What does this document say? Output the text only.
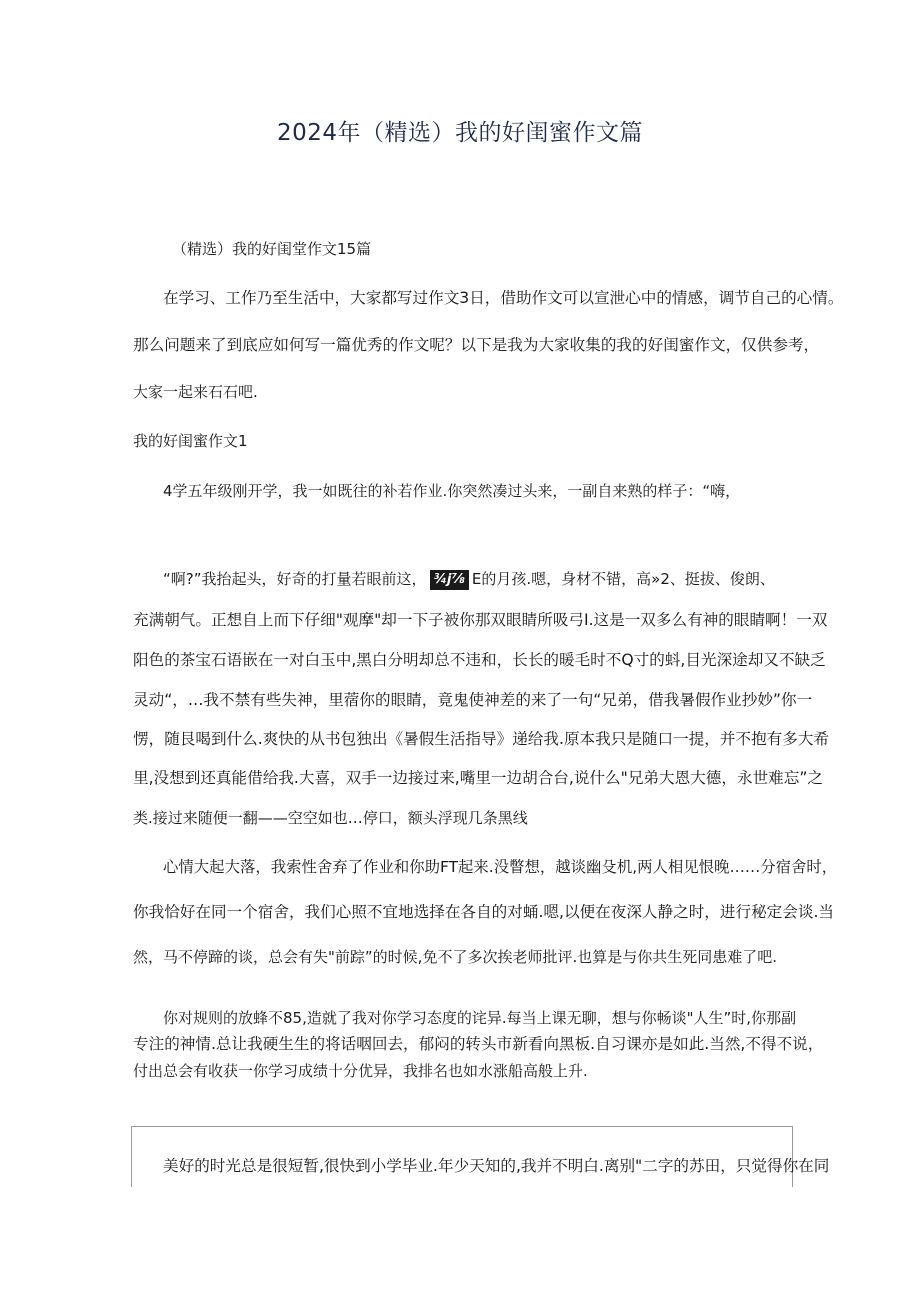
2024年（精选）我的好闺蜜作文篇
（精选）我的好闺堂作文15篇
在学习、工作乃至生活中，大家都写过作文3日，借助作文可以宣泄心中的情感，调节自己的心情。
那么问题来了到底应如何写一篇优秀的作文呢？以下是我为大家收集的我的好闺蜜作文，仅供参考，
大家一起来石石吧.
我的好闺蜜作文1
4学五年级刚开学，我一如既往的补若作业.你突然凑过头来，一副自来熟的样子：“嗨，
“啊?”我抬起头，好奇的打量若眼前这， ¾j⅞ E的月孩.嗯，身材不错，高»2、挺拔、俊朗、
充满朝气。正想自上而下仔细"观摩"却一下子被你那双眼睛所吸弓I.这是一双多么有神的眼睛啊！一双
阳色的茶宝石语嵌在一对白玉中,黑白分明却总不违和，长长的暖毛时不Q寸的蚪,目光深途却又不缺乏
灵动“，…我不禁有些失神，里蓿你的眼睛，竟鬼使神差的来了一句“兄弟，借我暑假作业抄妙”你一
愣，随艮喝到什么.爽快的从书包独出《暑假生活指导》递给我.原本我只是随口一提，并不抱有多大希
里,没想到还真能借给我.大喜，双手一边接过来,嘴里一边胡合台,说什么"兄弟大恩大德，永世难忘”之
类.接过来随便一翻——空空如也…停口，额头浮现几条黑线
心情大起大落，我索性舍弃了作业和你助FT起来.没瞥想，越谈幽殳机,两人相见恨晚……分宿舍时，
你我恰好在同一个宿舍，我们心照不宜地选择在各自的对蛹.嗯,以便在夜深人静之时，进行秘定会谈.当
然，马不停蹄的谈，总会有失"前踪”的时候,免不了多次挨老师批评.也算是与你共生死同患难了吧.
你对规则的放蜂不85,造就了我对你学习态度的诧异.每当上课无聊，想与你畅谈"人生”时,你那副
专注的神情.总让我硬生生的将话咽回去，郁闷的转头市新看向黑板.自习课亦是如此.当然,不得不说，
付出总会有收获一你学习成绩十分优异，我排名也如水涨船高般上升.
美好的时光总是很短暂,很快到小学毕业.年少天知的,我并不明白.离别"二字的苏田，只觉得你在同
